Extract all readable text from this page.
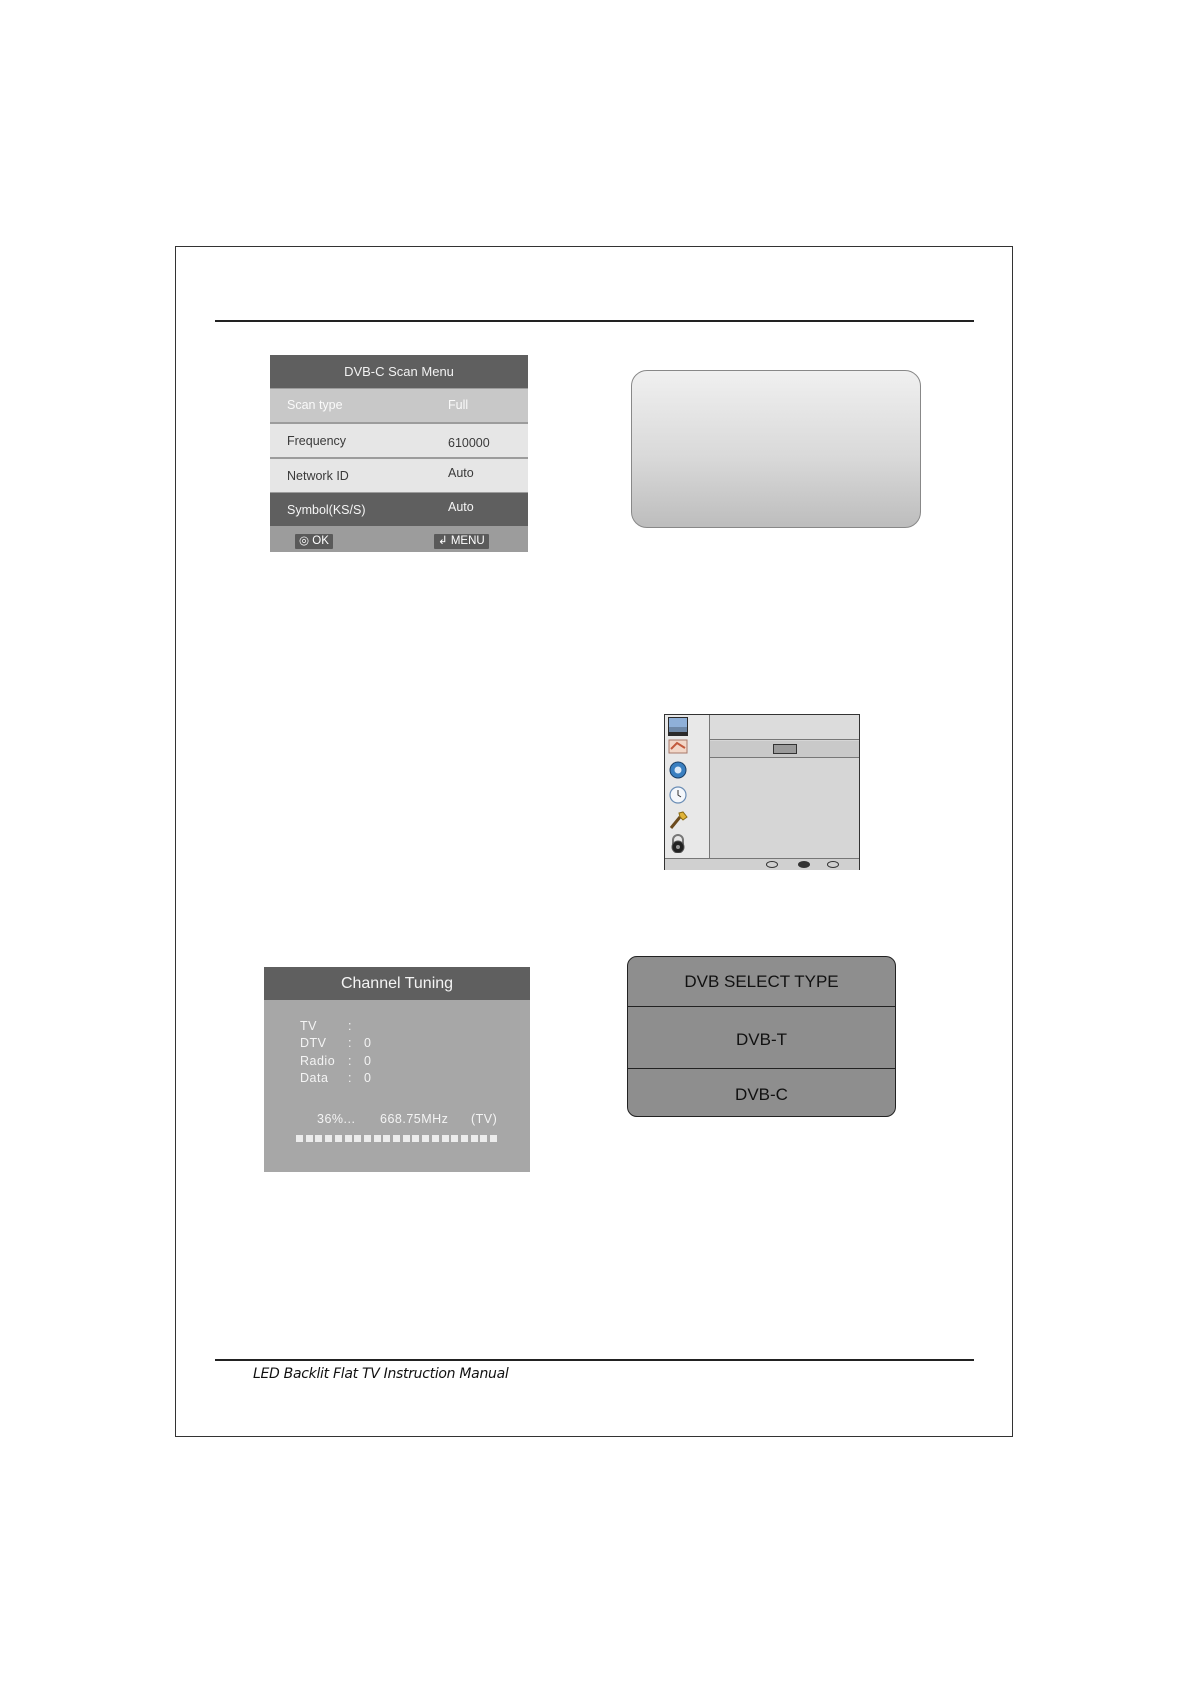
LED Backlit Flat TV Instruction Manual
DVB-C Scan Menu
Scan type	Full
Frequency	610000
Network ID	Auto
Symbol(KS/S)	Auto
◎ OK	↲ MENU
Channel Tuning
TV :
DTV : 0
Radio : 0
Data : 0
36%... 668.75MHz (TV)
DVB SELECT TYPE
DVB-T
DVB-C
